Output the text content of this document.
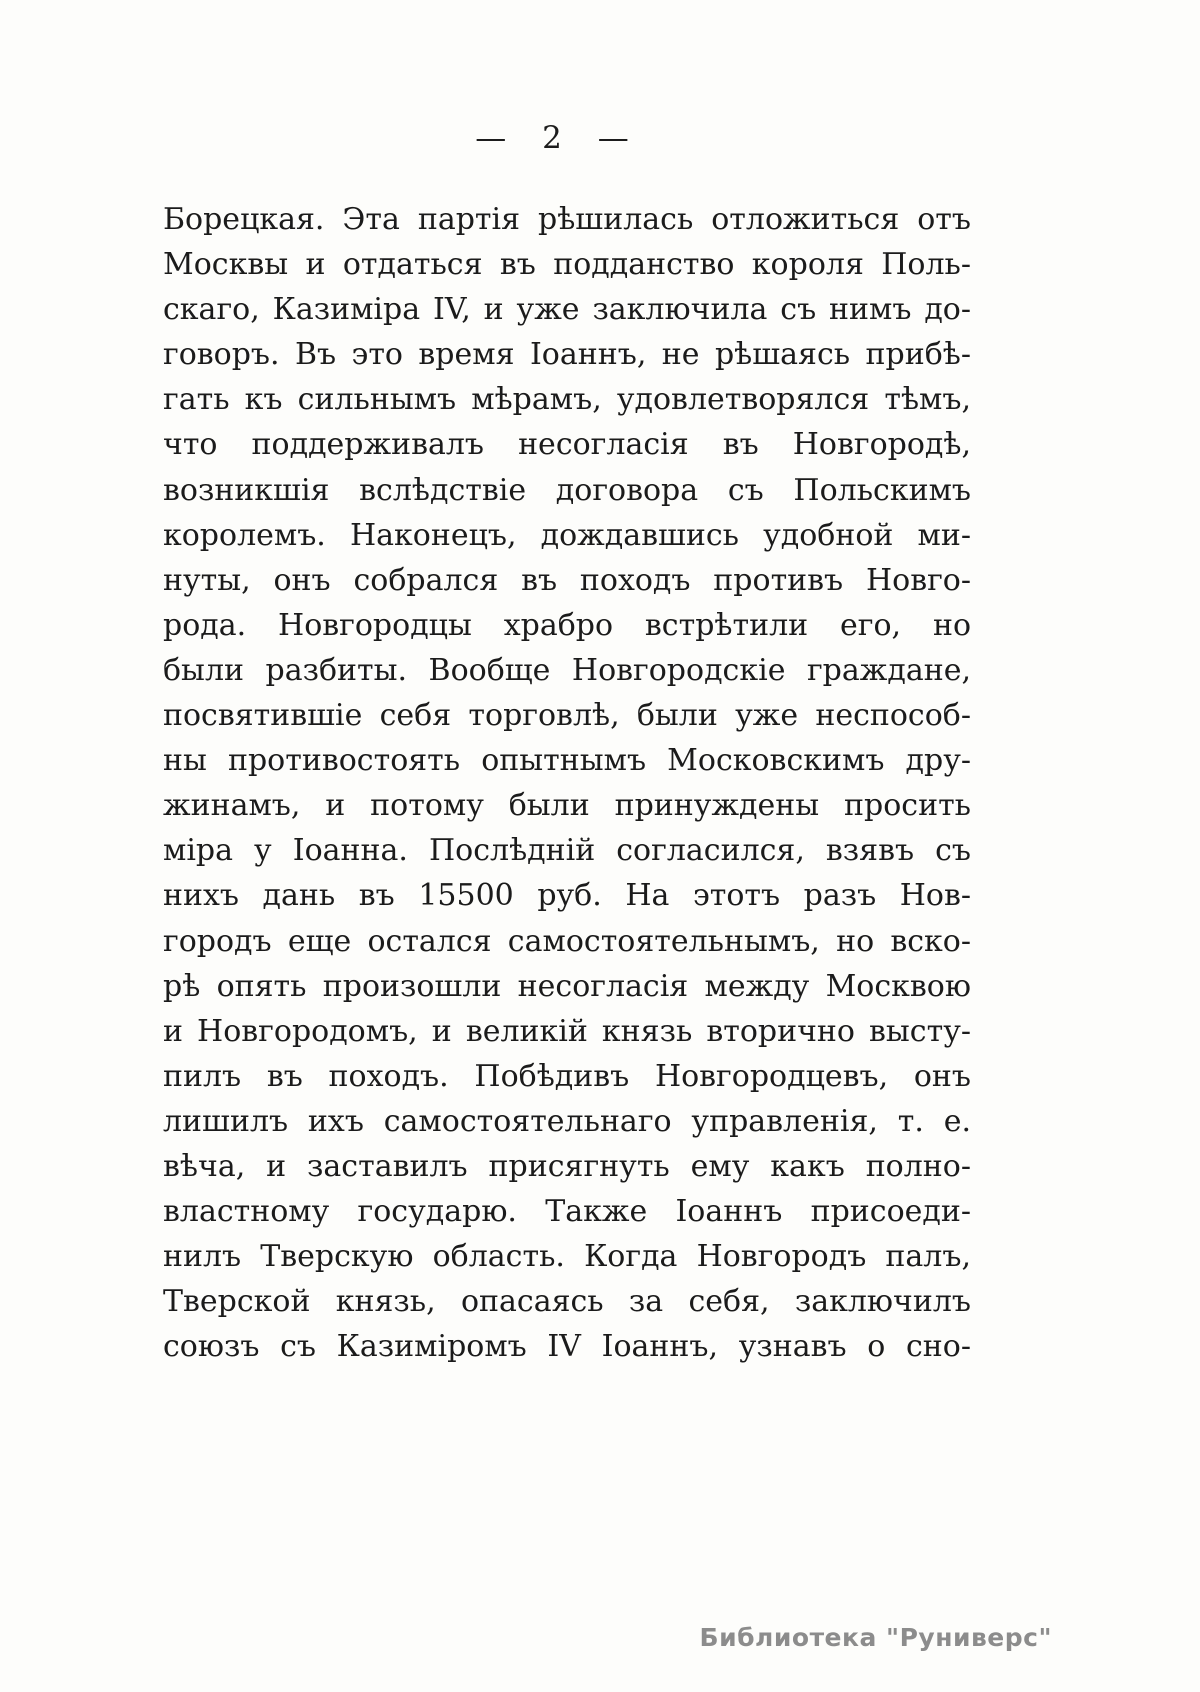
— 2 —
Борецкая. Эта партія рѣшилась отложиться отъ
Москвы и отдаться въ подданство короля Поль-
скаго, Казиміра IV, и уже заключила съ нимъ до-
говоръ. Въ это время Іоаннъ, не рѣшаясь прибѣ-
гать къ сильнымъ мѣрамъ, удовлетворялся тѣмъ,
что поддерживалъ несогласія въ Новгородѣ,
возникшія вслѣдствіе договора съ Польскимъ
королемъ. Наконецъ, дождавшись удобной ми-
нуты, онъ собрался въ походъ противъ Новго-
рода. Новгородцы храбро встрѣтили его, но
были разбиты. Вообще Новгородскіе граждане,
посвятившіе себя торговлѣ, были уже неспособ-
ны противостоять опытнымъ Московскимъ дру-
жинамъ, и потому были принуждены просить
міра у Іоанна. Послѣдній согласился, взявъ съ
нихъ дань въ 15500 руб. На этотъ разъ Нов-
городъ еще остался самостоятельнымъ, но вско-
рѣ опять произошли несогласія между Москвою
и Новгородомъ, и великій князь вторично высту-
пилъ въ походъ. Побѣдивъ Новгородцевъ, онъ
лишилъ ихъ самостоятельнаго управленія, т. е.
вѣча, и заставилъ присягнуть ему какъ полно-
властному государю. Также Іоаннъ присоеди-
нилъ Тверскую область. Когда Новгородъ палъ,
Тверской князь, опасаясь за себя, заключилъ
союзъ съ Казиміромъ IV Іоаннъ, узнавъ о сно-
Библиотека "Руниверс"
